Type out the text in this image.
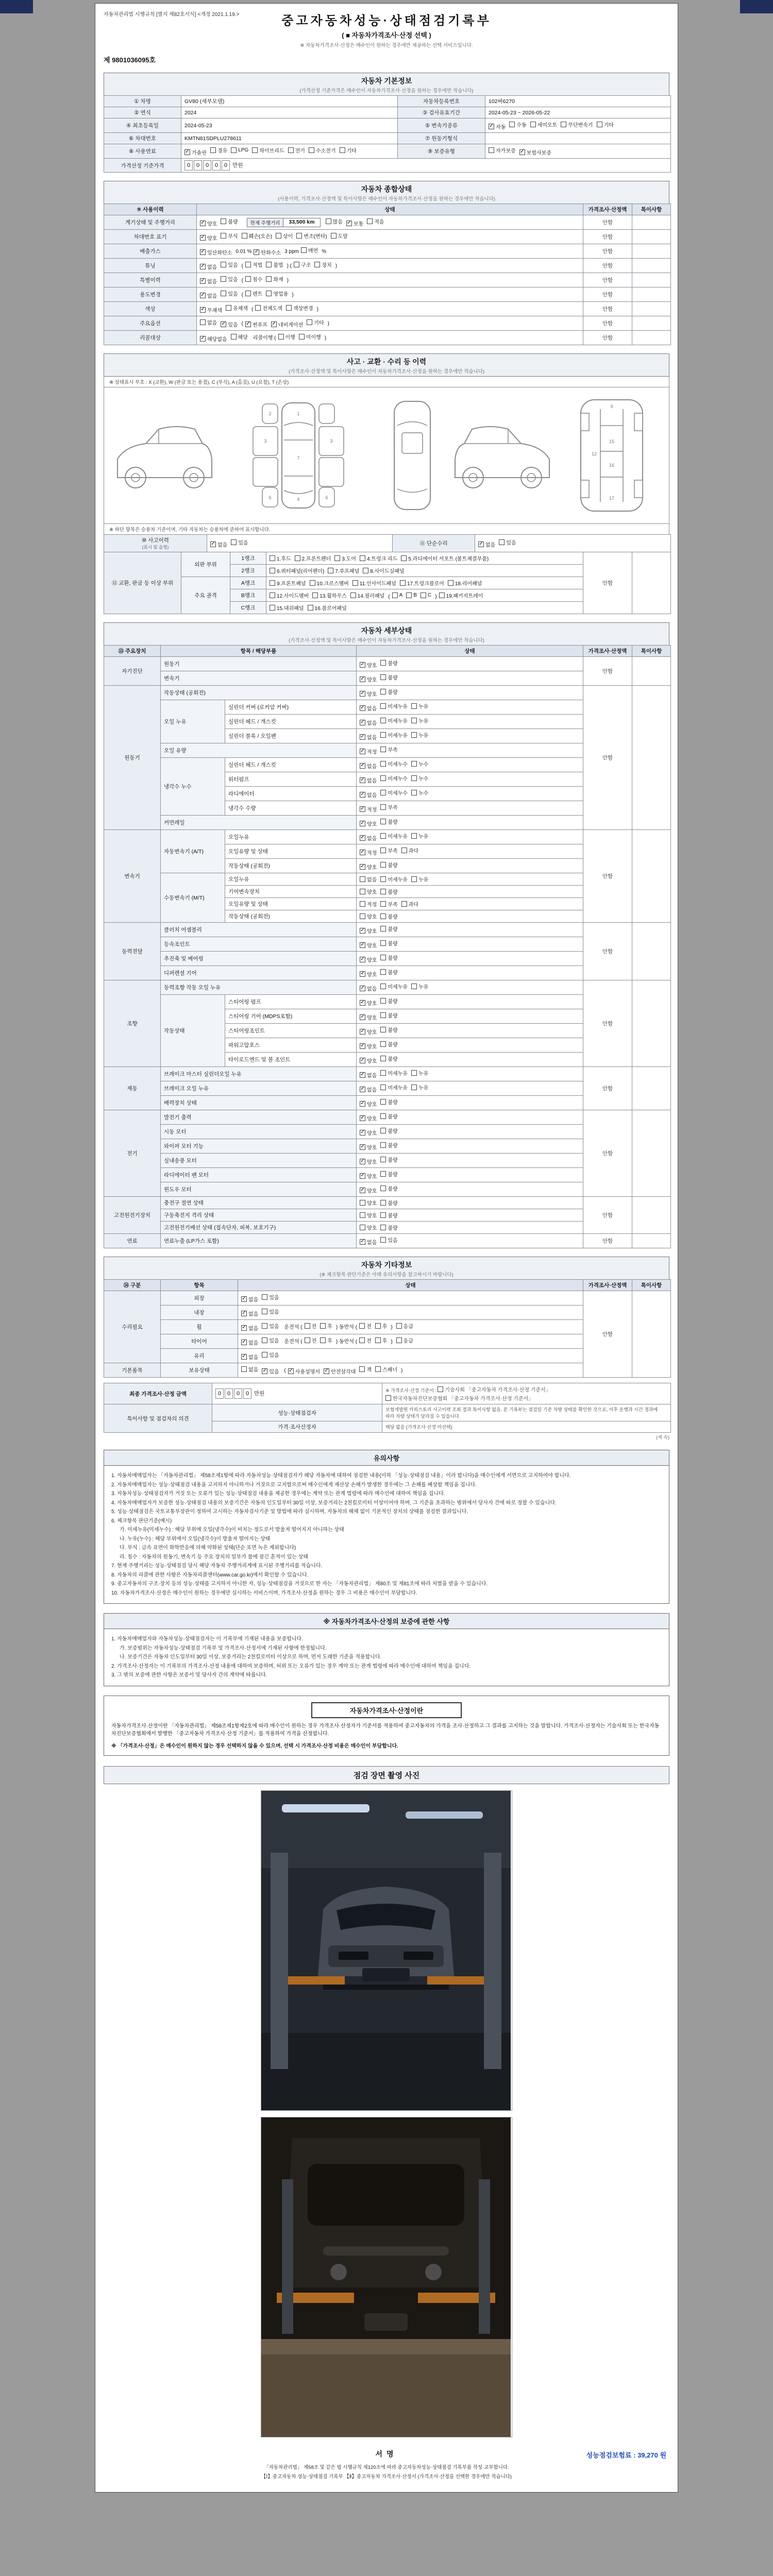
자동차관리법 시행규칙 [별지 제82호서식] <개정 2021.1.19.>	중고자동차성능·상태점검기록부
( ■ 자동차가격조사·산정 선택 )
※ 자동차가격조사·산정은 매수인이 원하는 경우에만 제공하는 선택 서비스입니다.
제 9801036095호
자동차 기본정보
(가격산정 기준가격은 매수인이 자동차가격조사·산정을 원하는 경우에만 적습니다)
① 차명	GV80 (세부모델)	자동차등록번호	102버6270
② 연식	2024	③ 검사유효기간	2024-05-23 ~ 2026-05-22
④ 최초등록일	2024-05-23	⑤ 변속기종류	✓ 자동 수동 세미오토 무단변속기 기타

⑥ 차대번호	KMTN81SDPLU278611	⑦ 원동기형식	
⑧ 사용연료	✓ 가솔린 경유 LPG 하이브리드 전기 수소전기 기타	⑨ 보증유형	자가보증 ✓ 보험사보증

가격산정 기준가격	0 0 0 0 0 만원		
자동차 종합상태
(사용이력, 가격조사·산정액 및 특이사항은 매수인이 자동차가격조사·산정을 원하는 경우에만 적습니다)
⑨ 사용이력	상태	가격조사·산정액	특이사항
계기상태 및 주행거리	✓ 양호 불량	현재 주행거리	33,500 km	많음 ✓ 보통 적음	안함	
차대번호 표기	✓ 양호 부식 훼손(오손) 상이 변조(변타) 도말	안함	
배출가스	✓ 일산화탄소 0.01 % ✓ 탄화수소 3 ppm 매연 %	안함	
튜닝	✓ 없음 있음 ( 적법 불법 ) ( 구조 장치 )	안함	
특별이력	✓ 없음 있음 ( 침수 화재 )	안함	
용도변경	✓ 없음 있음 ( 렌트 영업용 )	안함	
색상	✓ 무채색 유채색 ( 전체도색 색상변경 )	안함	
주요옵션	없음 ✓ 있음 ( ✓ 썬루프 ✓ 네비게이션 기타 )	안함	
리콜대상	✓ 해당없음 해당 리콜이행 ( 이행 미이행 )	안함	
사고 · 교환 · 수리 등 이력
(가격조사·산정액 및 특이사항은 매수인이 자동차가격조사·산정을 원하는 경우에만 적습니다)
※ 상태표시 부호 : X (교환), W (판금 또는 용접), C (부식), A (흠집), U (요철), T (손상)
1
2
3	3
7
4
6	6
9
12
15
16
17
※ 하단 항목은 승용차 기준이며, 기타 자동차는 승용차에 준하여 표시합니다.
⑩ 사고이력
(표시 및 음영)

✓ 없음 있음	⑪ 단순수리	✓ 없음 있음
⑫ 교환, 판금 등 이상 부위	외판 부위	1랭크	1.후드 2.프론트펜더 3.도어 4.트렁크 리드 5.라디에이터 서포트 (볼트체결부품)	안함	
		2랭크	6.쿼터패널(리어펜더) 7.루프패널 8.사이드실패널		

	주요 골격	A랭크	9.프론트패널 10.크로스멤버 11.인사이드패널 17.트렁크플로어 18.리어패널		

B랭크	12.사이드멤버 13.휠하우스 14.필러패널 ( A B C ) 19.패키지트레이

		C랭크	15.대쉬패널 16.플로어패널		
자동차 세부상태
(가격조사·산정액 및 특이사항은 매수인이 자동차가격조사·산정을 원하는 경우에만 적습니다)
⑬ 주요장치	항목 / 해당부품		상태	가격조사·산정액	특이사항
자기진단	원동기		✓ 양호 불량	안함	
	변속기		✓ 양호 불량		

원동기	작동상태 (공회전)		✓ 양호 불량	안함	
	오일 누유	실린더 커버 (로커암 커버)	✓ 없음 미세누유 누유		

		실린더 헤드 / 개스킷	✓ 없음 미세누유 누유		

		실린더 블록 / 오일팬	✓ 없음 미세누유 누유		

	오일 유량		✓ 적정 부족		

	냉각수 누수	실린더 헤드 / 개스킷	✓ 없음 미세누수 누수		

		워터펌프	✓ 없음 미세누수 누수		

		라디에이터	✓ 없음 미세누수 누수		

		냉각수 수량	✓ 적정 부족		

	커먼레일		✓ 양호 불량		

변속기	자동변속기 (A/T)	오일누유	✓ 없음 미세누유 누유	안함	
		오일유량 및 상태	✓ 적정 부족 과다		

		작동상태 (공회전)	✓ 양호 불량		

	수동변속기 (M/T)	오일누유	없음 미세누유 누유		

		기어변속장치	양호 불량		

		오일유량 및 상태	적정 부족 과다		

		작동상태 (공회전)	양호 불량		

동력전달	클러치 어셈블리		✓ 양호 불량	안함	
	등속조인트		✓ 양호 불량		

	추진축 및 베어링		✓ 양호 불량		

	디퍼렌셜 기어		✓ 양호 불량		

조향	동력조향 작동 오일 누유		✓ 없음 미세누유 누유	안함	
	작동상태	스티어링 펌프	✓ 양호 불량		

		스티어링 기어 (MDPS포함)	✓ 양호 불량		

		스티어링조인트	✓ 양호 불량		

		파워고압호스	✓ 양호 불량		

		타이로드엔드 및 볼 조인트	✓ 양호 불량		

제동	브레이크 마스터 실린더오일 누유		✓ 없음 미세누유 누유	안함	
	브레이크 오일 누유		✓ 없음 미세누유 누유		

	배력장치 상태		✓ 양호 불량		

전기	발전기 출력		✓ 양호 불량	안함	
	시동 모터		✓ 양호 불량		

	와이퍼 모터 기능		✓ 양호 불량		

	실내송풍 모터		✓ 양호 불량		

	라디에이터 팬 모터		✓ 양호 불량		

	윈도우 모터		✓ 양호 불량		

고전원전기장치	충전구 절연 상태		양호 불량	안함	
	구동축전지 격리 상태		양호 불량		

	고전원전기배선 상태 (접속단자, 피복, 보호기구)		양호 불량		

연료	연료누출 (LP가스 포함)		✓ 없음 있음	안함	
자동차 기타정보
(※ 체크항목 판단기준은 아래 유의사항을 참고하시기 바랍니다)
⑭ 구분	항목	상태	가격조사·산정액	특이사항
수리필요	외장	✓ 없음 있음	안함	
	내장	✓ 없음 있음		

휠	✓ 없음 있음 운전석 ( 전 후 ) 동반석 ( 전 후 ) 응급

타이어	✓ 없음 있음 운전석 ( 전 후 ) 동반석 ( 전 후 ) 응급

	유리	✓ 없음 있음		

기본품목	보유상태	없음 ✓ 있음 ( ✓ 사용설명서 ✓ 안전삼각대 잭 스패너 )
최종 가격조사·산정 금액	0 0 0 0 만원	※ 가격조사·산정 기준서 : 기술사회 「중고자동차 가격조사·산정 기준서」
한국자동차진단보증협회 「중고자동차 가격조사·산정 기준서」

특이사항 및 점검자의 의견	성능·상태점검자	보험개발원 카히스토리 사고이력 조회 결과 특이사항 없음. 본 기록부는 점검일 기준 차량 상태를 확인한 것으로, 이후 운행과 시간 경과에 따라 차량 상태가 달라질 수 있습니다.
	가격·조사산정자	해당 없음 (가격조사·산정 미선택)
(계 속)
유의사항
1. 자동차매매업자는 「자동차관리법」 제58조제1항에 따라 자동차성능·상태점검자가 해당 자동차에 대하여 점검한 내용(이하 「성능·상태점검 내용」이라 합니다)을 매수인에게 서면으로 고지하여야 합니다.
2. 자동차매매업자는 성능·상태점검 내용을 고지하지 아니하거나 거짓으로 고지함으로써 매수인에게 재산상 손해가 발생한 경우에는 그 손해를 배상할 책임을 집니다.
3. 자동차성능·상태점검자가 거짓 또는 오류가 있는 성능·상태점검 내용을 제공한 경우에는 계약 또는 관계 법령에 따라 매수인에 대하여 책임을 집니다.
4. 자동차매매업자가 보증한 성능·상태점검 내용의 보증기간은 자동차 인도일부터 30일 이상, 보증거리는 2천킬로미터 이상이어야 하며, 그 기준을 초과하는 범위에서 당사자 간에 따로 정할 수 있습니다.
5. 성능·상태점검은 국토교통부장관이 정하여 고시하는 자동차검사기준 및 방법에 따라 실시하며, 자동차의 해체 없이 기본적인 장치의 상태를 점검한 결과입니다.
6. 체크항목 판단기준(예시)
가. 미세누유(미세누수) : 해당 부위에 오일(냉각수)이 비치는 정도로서 방울져 떨어지지 아니하는 상태
나. 누유(누수) : 해당 부위에서 오일(냉각수)이 방울져 떨어지는 상태
다. 부식 : 금속 표면이 화학반응에 의해 약화된 상태(단순 표면 녹은 제외합니다)
라. 침수 : 자동차의 원동기, 변속기 등 주요 장치의 일부가 물에 잠긴 흔적이 있는 상태
7. 현재 주행거리는 성능·상태점검 당시 해당 자동차 주행거리계에 표시된 주행거리를 적습니다.
8. 자동차의 리콜에 관한 사항은 자동차리콜센터(www.car.go.kr)에서 확인할 수 있습니다.
9. 중고자동차의 구조·장치 등의 성능·상태를 고지하지 아니한 자, 성능·상태점검을 거짓으로 한 자는 「자동차관리법」 제80조 및 제81조에 따라 처벌을 받을 수 있습니다.
10. 자동차가격조사·산정은 매수인이 원하는 경우에만 실시하는 서비스이며, 가격조사·산정을 원하는 경우 그 비용은 매수인이 부담합니다.
※ 자동차가격조사·산정의 보증에 관한 사항
1. 자동차매매업자와 자동차성능·상태점검자는 이 기록부에 기재된 내용을 보증합니다.
가. 보증범위는 자동차성능·상태점검 기록부 및 가격조사·산정서에 기재된 사항에 한정됩니다.
나. 보증기간은 자동차 인도일부터 30일 이상, 보증거리는 2천킬로미터 이상으로 하며, 먼저 도래한 기준을 적용합니다.
2. 가격조사·산정자는 이 기록부의 가격조사·산정 내용에 대하여 보증하며, 허위 또는 오류가 있는 경우 계약 또는 관계 법령에 따라 매수인에 대하여 책임을 집니다.
3. 그 밖의 보증에 관한 사항은 보증서 및 당사자 간의 계약에 따릅니다.
자동차가격조사·산정이란
자동차가격조사·산정이란 「자동차관리법」 제58조제1항제2호에 따라 매수인이 원하는 경우 가격조사·산정자가 기준서를 적용하여 중고자동차의 가격을 조사·산정하고 그 결과를 고지하는 것을 말합니다. 가격조사·산정자는 기술사회 또는 한국자동차진단보증협회에서 발행한 「중고자동차 가격조사·산정 기준서」를 적용하여 가격을 산정합니다.
※ 「가격조사·산정」은 매수인이 원하지 않는 경우 선택하지 않을 수 있으며, 선택 시 가격조사·산정 비용은 매수인이 부담합니다.
점검 장면 촬영 사진
서명	성능점검보험료 : 39,270 원
「자동차관리법」 제58조 및 같은 법 시행규칙 제120조에 따라 중고자동차성능·상태점검 기록부를 작성·교부합니다.
【Ⅰ】중고자동차 성능·상태점검 기록부 【Ⅱ】중고자동차 가격조사·산정서 (가격조사·산정을 선택한 경우에만 적습니다)
